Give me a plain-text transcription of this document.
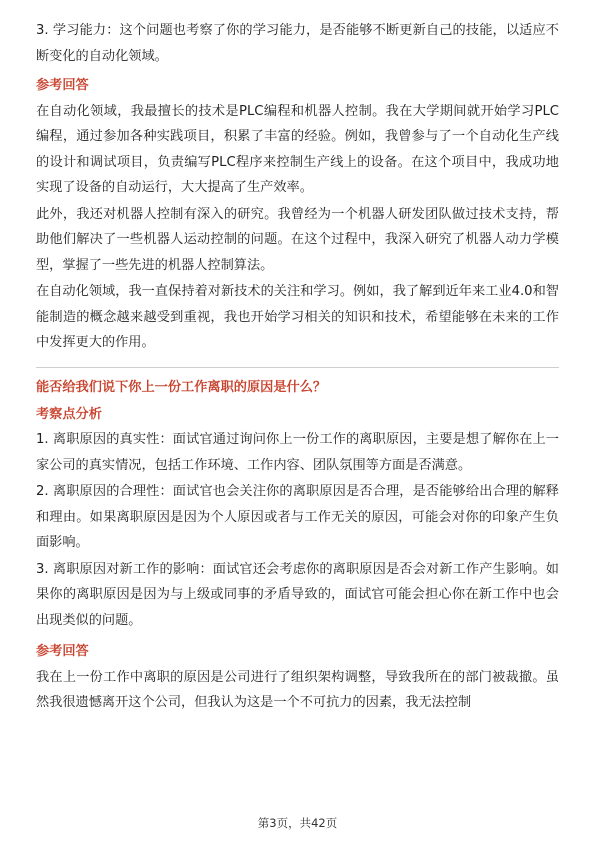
3. 学习能力：这个问题也考察了你的学习能力，是否能够不断更新自己的技能，以适应不断变化的自动化领域。

参考回答

在自动化领域，我最擅长的技术是PLC编程和机器人控制。我在大学期间就开始学习PLC编程，通过参加各种实践项目，积累了丰富的经验。例如，我曾参与了一个自动化生产线的设计和调试项目，负责编写PLC程序来控制生产线上的设备。在这个项目中，我成功地实现了设备的自动运行，大大提高了生产效率。

此外，我还对机器人控制有深入的研究。我曾经为一个机器人研发团队做过技术支持，帮助他们解决了一些机器人运动控制的问题。在这个过程中，我深入研究了机器人动力学模型，掌握了一些先进的机器人控制算法。

在自动化领域，我一直保持着对新技术的关注和学习。例如，我了解到近年来工业4.0和智能制造的概念越来越受到重视，我也开始学习相关的知识和技术，希望能够在未来的工作中发挥更大的作用。

能否给我们说下你上一份工作离职的原因是什么？
考察点分析

1. 离职原因的真实性：面试官通过询问你上一份工作的离职原因，主要是想了解你在上一家公司的真实情况，包括工作环境、工作内容、团队氛围等方面是否满意。

2. 离职原因的合理性：面试官也会关注你的离职原因是否合理，是否能够给出合理的解释和理由。如果离职原因是因为个人原因或者与工作无关的原因，可能会对你的印象产生负面影响。

3. 离职原因对新工作的影响：面试官还会考虑你的离职原因是否会对新工作产生影响。如果你的离职原因是因为与上级或同事的矛盾导致的，面试官可能会担心你在新工作中也会出现类似的问题。

参考回答

我在上一份工作中离职的原因是公司进行了组织架构调整，导致我所在的部门被裁撤。虽然我很遗憾离开这个公司，但我认为这是一个不可抗力的因素，我无法控制

第3页，共42页
